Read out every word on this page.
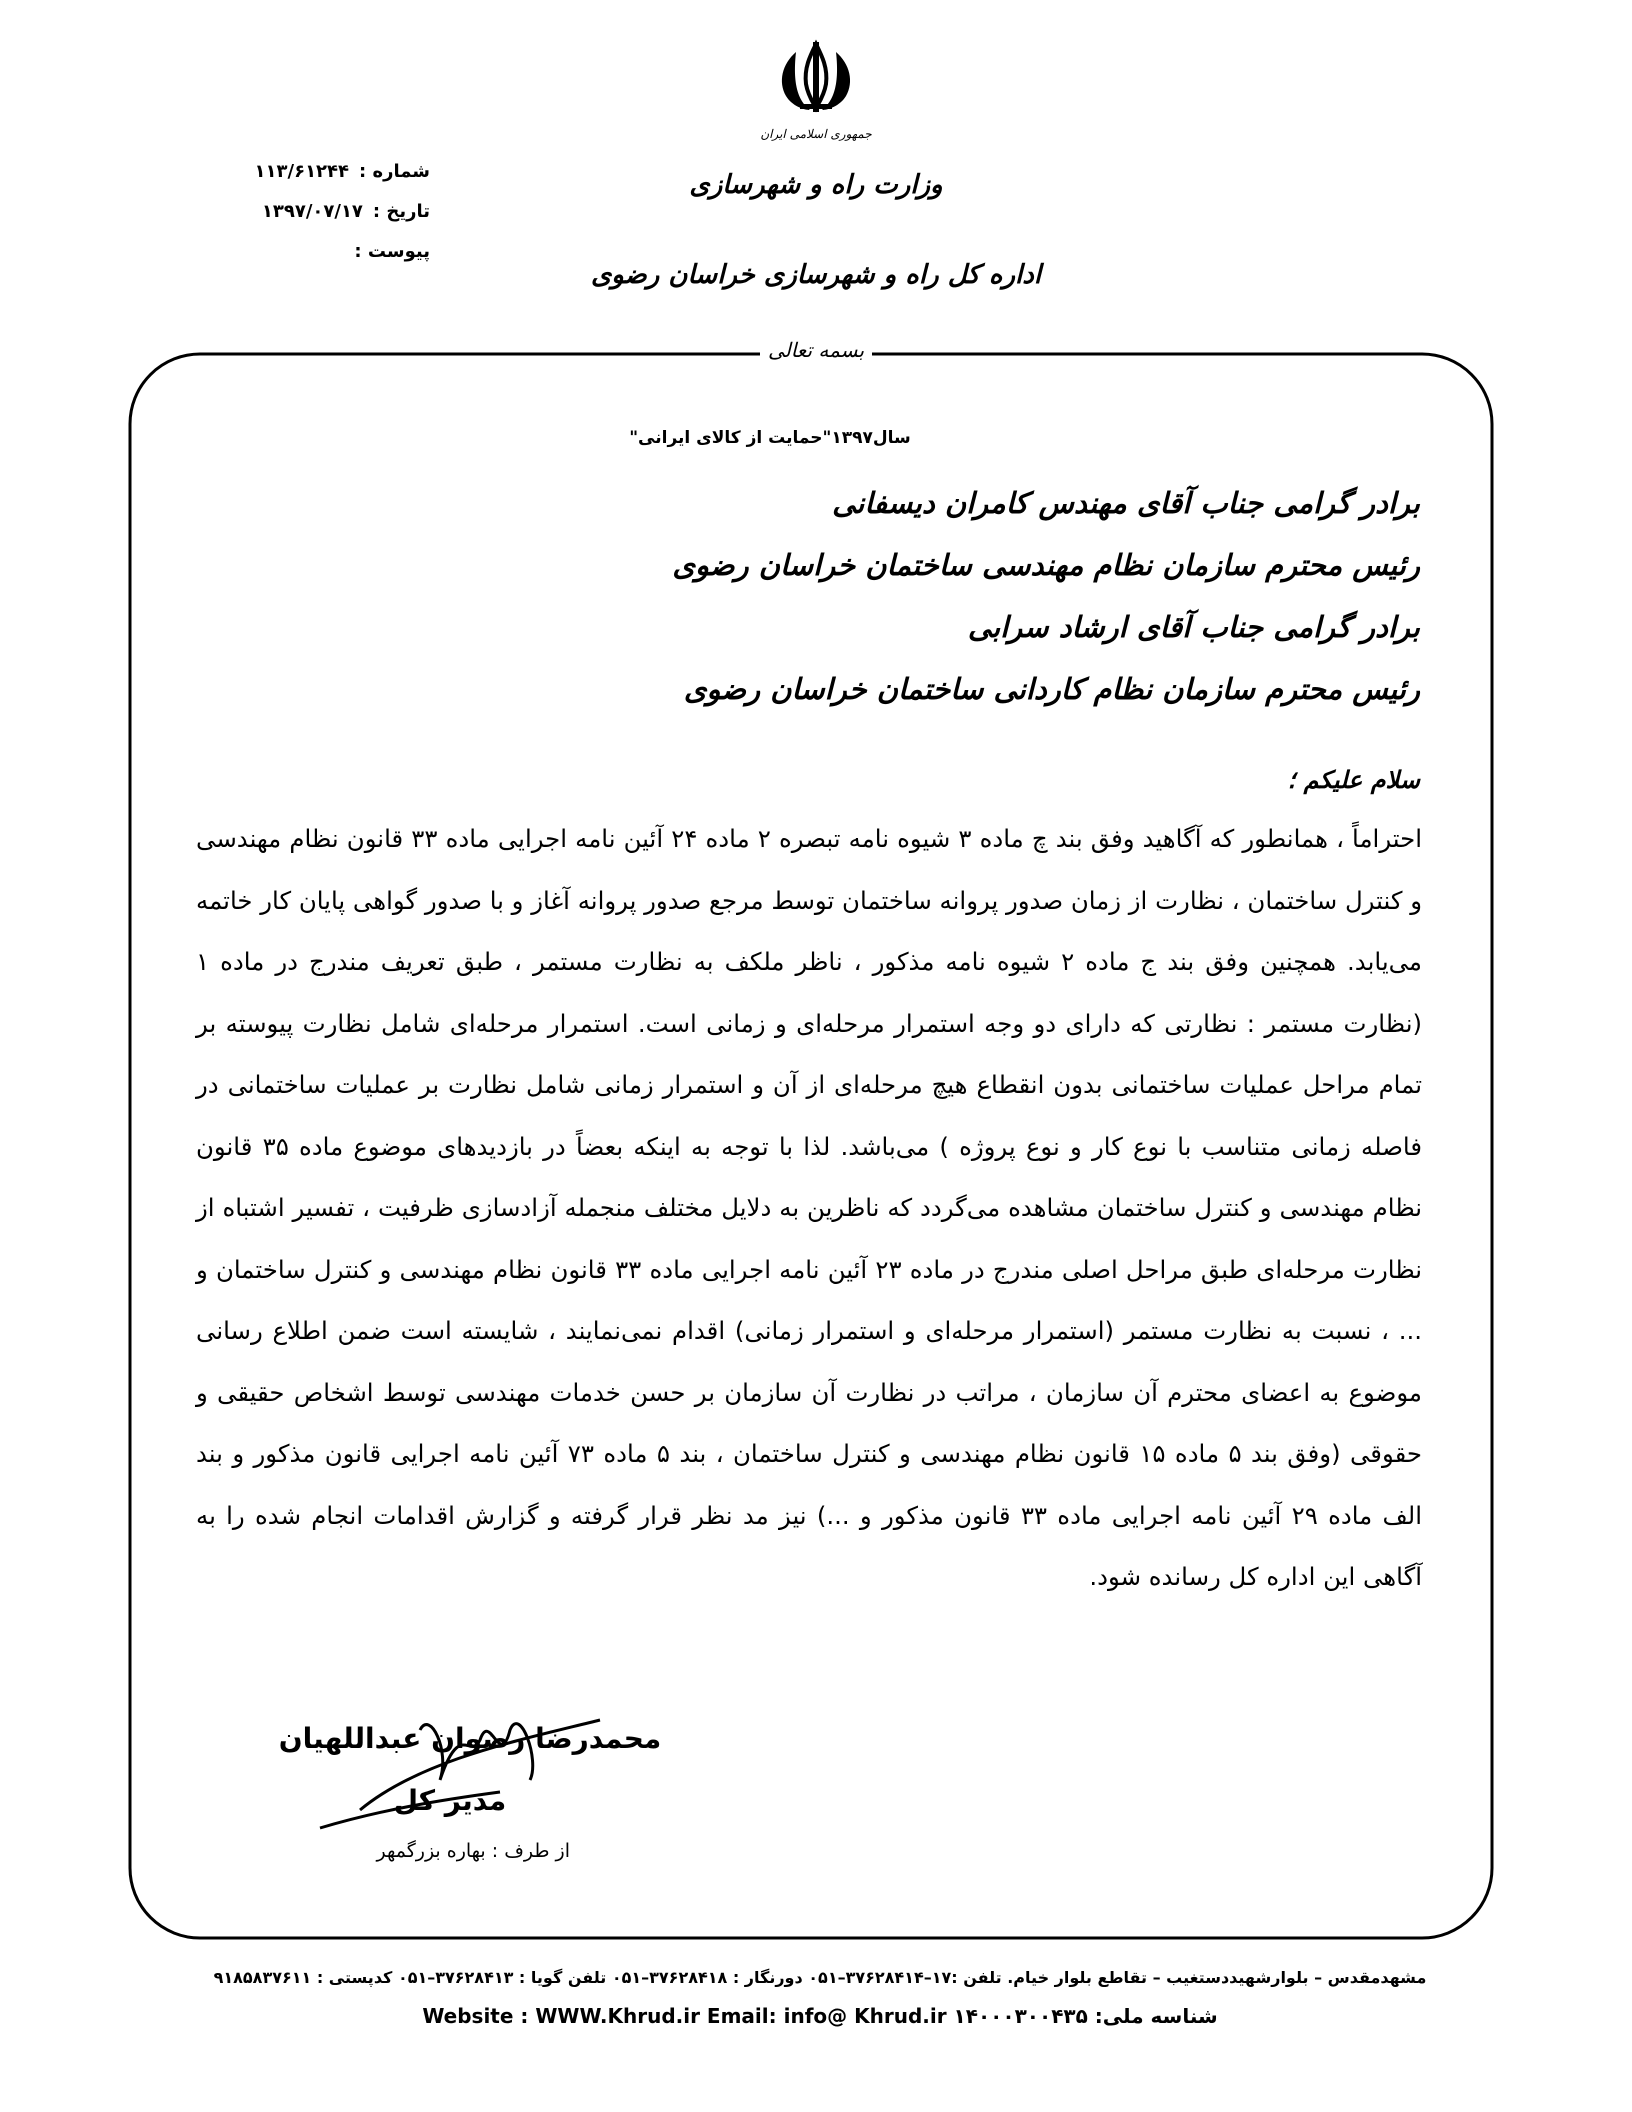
جمهوری اسلامی ایران
وزارت راه و شهرسازی
اداره کل راه و شهرسازی خراسان رضوی
شماره :
۱۱۳/۶۱۲۴۴
تاریخ :
۱۳۹۷/۰۷/۱۷
پیوست :
بسمه تعالی
سال۱۳۹۷"حمایت از کالای ایرانی"
برادر گرامی جناب آقای مهندس کامران دیسفانی
رئیس محترم سازمان نظام مهندسی ساختمان خراسان رضوی
برادر گرامی جناب آقای ارشاد سرابی
رئیس محترم سازمان نظام کاردانی ساختمان خراسان رضوی
سلام علیکم ؛
احتراماً ، همانطور که آگاهید وفق بند چ ماده ۳ شیوه نامه تبصره ۲ ماده ۲۴ آئین نامه اجرایی ماده ۳۳ قانون نظام مهندسی و کنترل ساختمان ، نظارت از زمان صدور پروانه ساختمان توسط مرجع صدور پروانه آغاز و با صدور گواهی پایان کار خاتمه می‌یابد. همچنین وفق بند ج ماده ۲ شیوه نامه مذکور ، ناظر ملکف به نظارت مستمر ، طبق تعریف مندرج در ماده ۱ (نظارت مستمر : نظارتی که دارای دو وجه استمرار مرحله‌ای و زمانی است. استمرار مرحله‌ای شامل نظارت پیوسته بر تمام مراحل عملیات ساختمانی بدون انقطاع هیچ مرحله‌ای از آن و استمرار زمانی شامل نظارت بر عملیات ساختمانی در فاصله زمانی متناسب با نوع کار و نوع پروژه ) می‌باشد. لذا با توجه به اینکه بعضاً در بازدیدهای موضوع ماده ۳۵ قانون نظام مهندسی و کنترل ساختمان مشاهده می‌گردد که ناظرین به دلایل مختلف منجمله آزادسازی ظرفیت ، تفسیر اشتباه از نظارت مرحله‌ای طبق مراحل اصلی مندرج در ماده ۲۳ آئین نامه اجرایی ماده ۳۳ قانون نظام مهندسی و کنترل ساختمان و ... ، نسبت به نظارت مستمر (استمرار مرحله‌ای و استمرار زمانی) اقدام نمی‌نمایند ، شایسته است ضمن اطلاع رسانی موضوع به اعضای محترم آن سازمان ، مراتب در نظارت آن سازمان بر حسن خدمات مهندسی توسط اشخاص حقیقی و حقوقی (وفق بند ۵ ماده ۱۵ قانون نظام مهندسی و کنترل ساختمان ، بند ۵ ماده ۷۳ آئین نامه اجرایی قانون مذکور و بند الف ماده ۲۹ آئین نامه اجرایی ماده ۳۳ قانون مذکور و ...) نیز مد نظر قرار گرفته و گزارش اقدامات انجام شده را به آگاهی این اداره کل رسانده شود.
محمدرضا رضوان عبداللهیان
مدیر کل
از طرف : بهاره بزرگمهر
مشهدمقدس – بلوارشهیددستغیب – تقاطع بلوار خیام. تلفن :۱۷–۳۷۶۲۸۴۱۴–۰۵۱ دورنگار : ۳۷۶۲۸۴۱۸–۰۵۱ تلفن گویا : ۳۷۶۲۸۴۱۳–۰۵۱ کدپستی : ۹۱۸۵۸۳۷۶۱۱
شناسه ملی: ۱۴۰۰۰۳۰۰۴۳۵ Website : WWW.Khrud.ir Email: info@ Khrud.ir
